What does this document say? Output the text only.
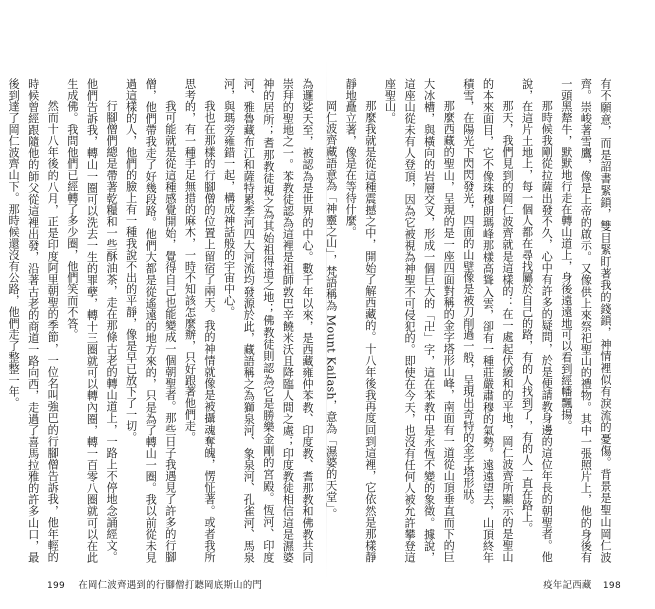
為邏娑天至，被認為是世界的中心。數千年以來，是西藏雍仲苯教、印度教、耆那教和佛教共同崇拜的聖地之一。苯教徒認為這裡是祖師敦巴辛饒米沃且降臨人間之處；印度教徒相信這是濕婆神的居所；耆那教徒視之為其始祖得道之地；佛教徒則認為它是勝樂金剛的宮殿。恆河、印度河、雅魯藏布江和薩特累季河四大河流均發源於此，藏語稱之為獅泉河、象泉河、孔雀河、馬泉河，與瑪旁雍錯一起，構成神話般的宇宙中心。

我也在那樣的行腳僧的位置上留宿了兩天。我的神情就像是被攝魂奪魄，愣怔著。或者我所思考的，有一種手足無措的麻木，一時不知該怎麼辦，只好跟著他們走。

我可能就是從這種感覺開始，覺得自己也能變成一個朝聖者。那些日子我遇見了許多的行腳僧，他們帶我走了好幾段路。他們大都是從遙遠的地方來的，只是為了轉山一圈。我以前從未見過這樣的人，他們的臉上有一種我說不出的平靜，像是早已放下了一切。

行腳僧們總是帶著乾糧和一些酥油茶，走在那條古老的轉山道上，一路上不停地念誦經文。他們告訴我，轉山一圈可以洗去一生的罪孽，轉十三圈就可以轉內圈，轉一百零八圈就可以在此生成佛。我問他們已經轉了多少圈，他們笑而不答。

然而十八年後的八月，正是印度阿里朝聖的季節，一位名叫強巴的行腳僧告訴我，他年輕的時候曾經跟隨他的師父從這裡出發，沿著古老的商道一路向西，走過了喜馬拉雅的許多山口，最後到達了岡仁波齊山下。那時候還沒有公路，他們走了整整一年。

199 在岡仁波齊遇到的行腳僧打聽岡底斯山的門

有不願意，而是詔書緊鎖，雙目緊盯著我的錢鎖，神情裡似有淚流的憂傷。背景是聖山岡仁波齊。崇峻著雪鷹，像是上帝的啟示。又像供上來祭祀聖山的禮物。其中一張照片上，他的身後有一頭黑犛牛，默默地行走在轉山道上，身後遠遠地可以看到經幡飄揚。

那時候我剛從拉薩出發不久，心中有許多的疑問，於是便請教身邊的這位年長的朝聖者。他說，在這片土地上，每一個人都在尋找屬於自己的路，有的人找到了，有的人一直在路上。

那天，我們見到的岡仁波齊就是這樣的：在一處起伏緩和的平地，岡仁波齊所顯示的是聖山的本來面目，它不像珠穆朗瑪峰那樣高聳入雲，卻有一種莊嚴肅穆的氣勢。遠遠望去，山頂終年積雪，在陽光下閃閃發光，四面的山壁像是被刀削過一般，呈現出奇特的金字塔形狀。

那麼西藏的聖山，呈現的是一座四面對稱的金字塔形山峰，南面有一道從山頂垂直而下的巨大冰槽，與橫向的岩層交叉，形成一個巨大的「卍」字，這在苯教中是永恆不變的象徵。據說，這座山從未有人登頂，因為它被視為神聖不可侵犯的。即使在今天，也沒有任何人被允許攀登這座聖山。

那麼我就是從這種震撼之中，開始了解西藏的。十八年後我再度回到這裡，它依然是那樣靜靜地矗立著，像是在等待什麼。

岡仁波齊藏語意為「神靈之山」，梵語稱為 Mount Kailash，意為「濕婆的天堂」。

疫年記西藏 198
